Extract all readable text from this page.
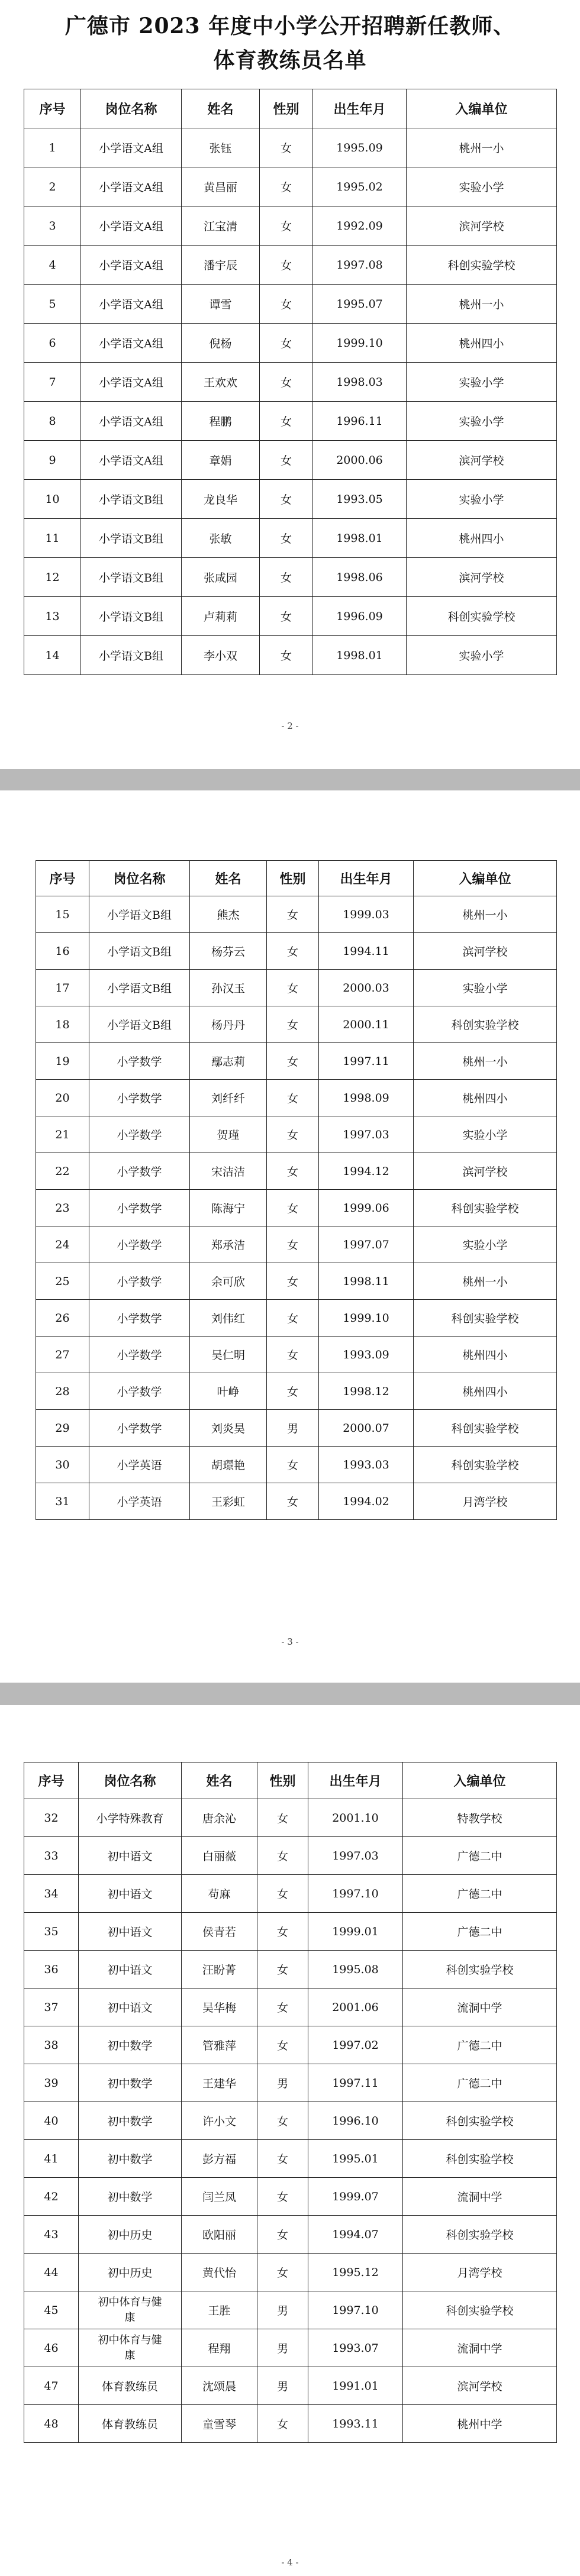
广德市 2023 年度中小学公开招聘新任教师、
体育教练员名单
序号	岗位名称	姓名	性别	出生年月	入编单位
1	小学语文A组	张钰	女	1995.09	桃州一小
2	小学语文A组	黄昌丽	女	1995.02	实验小学
3	小学语文A组	江宝清	女	1992.09	滨河学校
4	小学语文A组	潘宇辰	女	1997.08	科创实验学校
5	小学语文A组	谭雪	女	1995.07	桃州一小
6	小学语文A组	倪杨	女	1999.10	桃州四小
7	小学语文A组	王欢欢	女	1998.03	实验小学
8	小学语文A组	程鹏	女	1996.11	实验小学
9	小学语文A组	章娟	女	2000.06	滨河学校
10	小学语文B组	龙良华	女	1993.05	实验小学
11	小学语文B组	张敏	女	1998.01	桃州四小
12	小学语文B组	张咸园	女	1998.06	滨河学校
13	小学语文B组	卢莉莉	女	1996.09	科创实验学校
14	小学语文B组	李小双	女	1998.01	实验小学
- 2 -
序号	岗位名称	姓名	性别	出生年月	入编单位
15	小学语文B组	熊杰	女	1999.03	桃州一小
16	小学语文B组	杨芬云	女	1994.11	滨河学校
17	小学语文B组	孙汉玉	女	2000.03	实验小学
18	小学语文B组	杨丹丹	女	2000.11	科创实验学校
19	小学数学	鄢志莉	女	1997.11	桃州一小
20	小学数学	刘纤纤	女	1998.09	桃州四小
21	小学数学	贺瑾	女	1997.03	实验小学
22	小学数学	宋洁洁	女	1994.12	滨河学校
23	小学数学	陈海宁	女	1999.06	科创实验学校
24	小学数学	郑承洁	女	1997.07	实验小学
25	小学数学	余可欣	女	1998.11	桃州一小
26	小学数学	刘伟红	女	1999.10	科创实验学校
27	小学数学	吴仁明	女	1993.09	桃州四小
28	小学数学	叶峥	女	1998.12	桃州四小
29	小学数学	刘炎昊	男	2000.07	科创实验学校
30	小学英语	胡璟艳	女	1993.03	科创实验学校
31	小学英语	王彩虹	女	1994.02	月湾学校
- 3 -
序号	岗位名称	姓名	性别	出生年月	入编单位
32	小学特殊教育	唐余沁	女	2001.10	特教学校
33	初中语文	白丽薇	女	1997.03	广德二中
34	初中语文	苟麻	女	1997.10	广德二中
35	初中语文	侯青若	女	1999.01	广德二中
36	初中语文	汪盼菁	女	1995.08	科创实验学校
37	初中语文	吴华梅	女	2001.06	流洞中学
38	初中数学	管雅萍	女	1997.02	广德二中
39	初中数学	王建华	男	1997.11	广德二中
40	初中数学	许小文	女	1996.10	科创实验学校
41	初中数学	彭方福	女	1995.01	科创实验学校
42	初中数学	闫兰凤	女	1999.07	流洞中学
43	初中历史	欧阳丽	女	1994.07	科创实验学校
44	初中历史	黄代怡	女	1995.12	月湾学校
45	初中体育与健康	王胜	男	1997.10	科创实验学校
46	初中体育与健康	程翔	男	1993.07	流洞中学
47	体育教练员	沈颂晨	男	1991.01	滨河学校
48	体育教练员	童雪琴	女	1993.11	桃州中学
- 4 -
